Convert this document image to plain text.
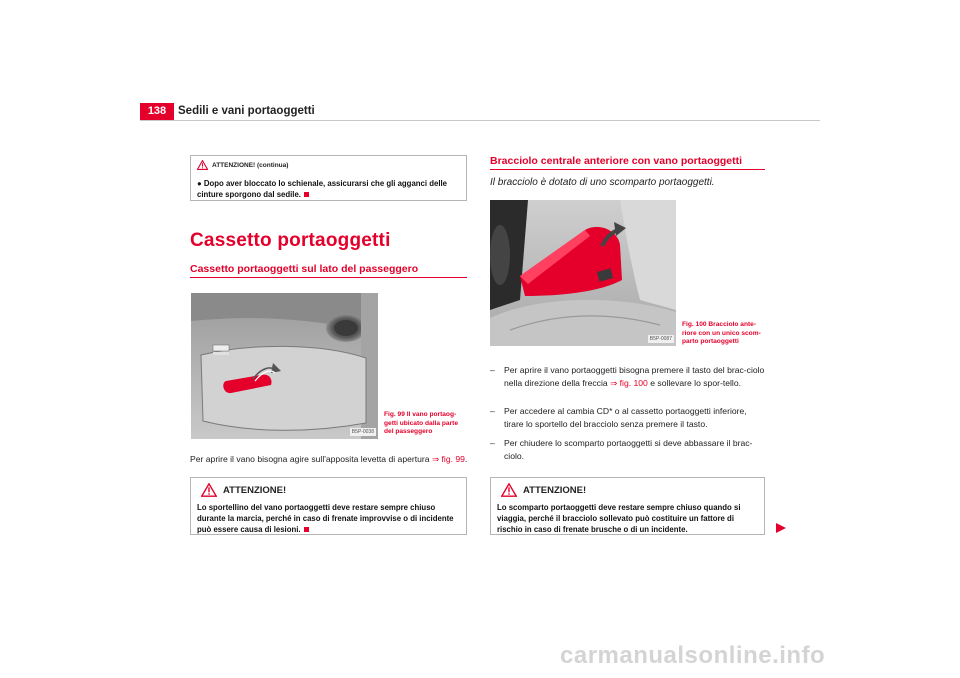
138	Sedili e vani portaoggetti
ATTENZIONE! (continua)
● Dopo aver bloccato lo schienale, assicurarsi che gli agganci delle cinture sporgono dal sedile.
Cassetto portaoggetti
Cassetto portaoggetti sul lato del passeggero
B5P-0038
Fig. 99 Il vano portaog-getti ubicato dalla parte del passeggero
Per aprire il vano bisogna agire sull'apposita levetta di apertura ⇒ fig. 99.
ATTENZIONE!
Lo sportellino del vano portaoggetti deve restare sempre chiuso durante la marcia, perché in caso di frenate improvvise o di incidente può essere causa di lesioni.
Bracciolo centrale anteriore con vano portaoggetti
Il bracciolo è dotato di uno scomparto portaoggetti.
B5P-0087
Fig. 100 Bracciolo ante-riore con un unico scom-parto portaoggetti
–	Per aprire il vano portaoggetti bisogna premere il tasto del brac-ciolo nella direzione della freccia ⇒ fig. 100 e sollevare lo spor-tello.
–	Per accedere al cambia CD* o al cassetto portaoggetti inferiore, tirare lo sportello del bracciolo senza premere il tasto.
–	Per chiudere lo scomparto portaoggetti si deve abbassare il brac-ciolo.
ATTENZIONE!
Lo scomparto portaoggetti deve restare sempre chiuso quando si viaggia, perché il bracciolo sollevato può costituire un fattore di rischio in caso di frenate brusche o di un incidente.
carmanualsonline.info
